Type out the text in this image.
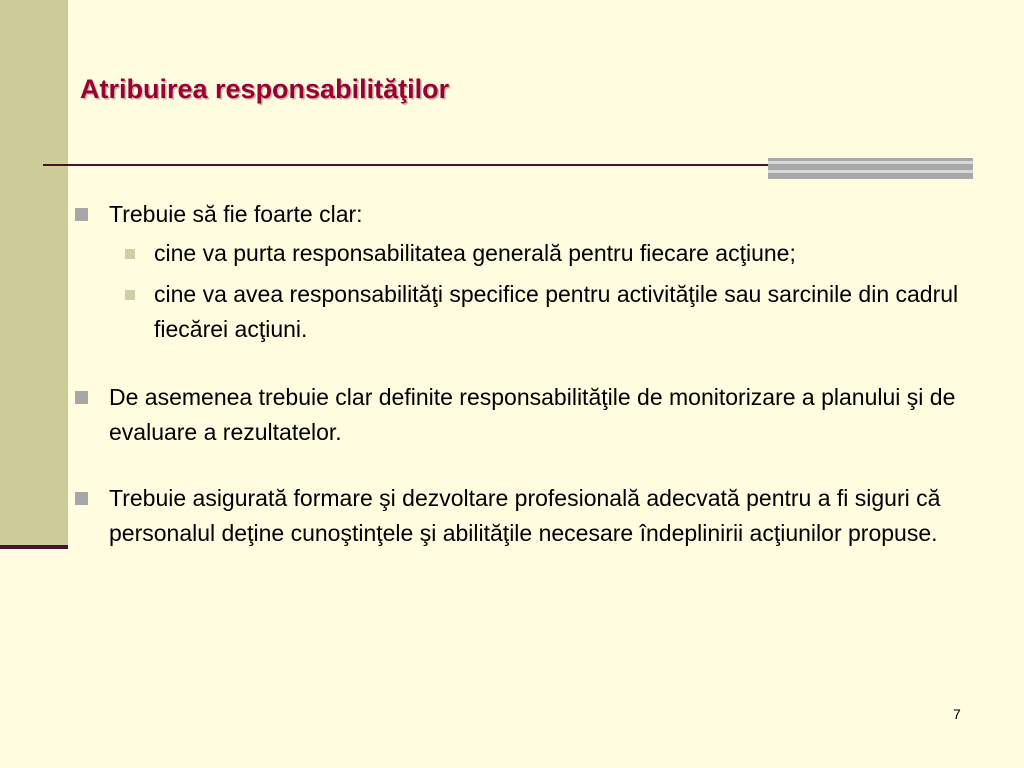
Atribuirea responsabilităţilor
Trebuie să fie foarte clar:
cine va purta responsabilitatea generală pentru fiecare acţiune;
cine va avea responsabilităţi specifice pentru activităţile sau sarcinile din cadrul fiecărei acţiuni.
De asemenea trebuie clar definite responsabilităţile de monitorizare a planului şi de evaluare a rezultatelor.
Trebuie asigurată formare şi dezvoltare profesională adecvată pentru a fi siguri că personalul deţine cunoştinţele şi abilităţile necesare îndeplinirii acţiunilor propuse.
7
